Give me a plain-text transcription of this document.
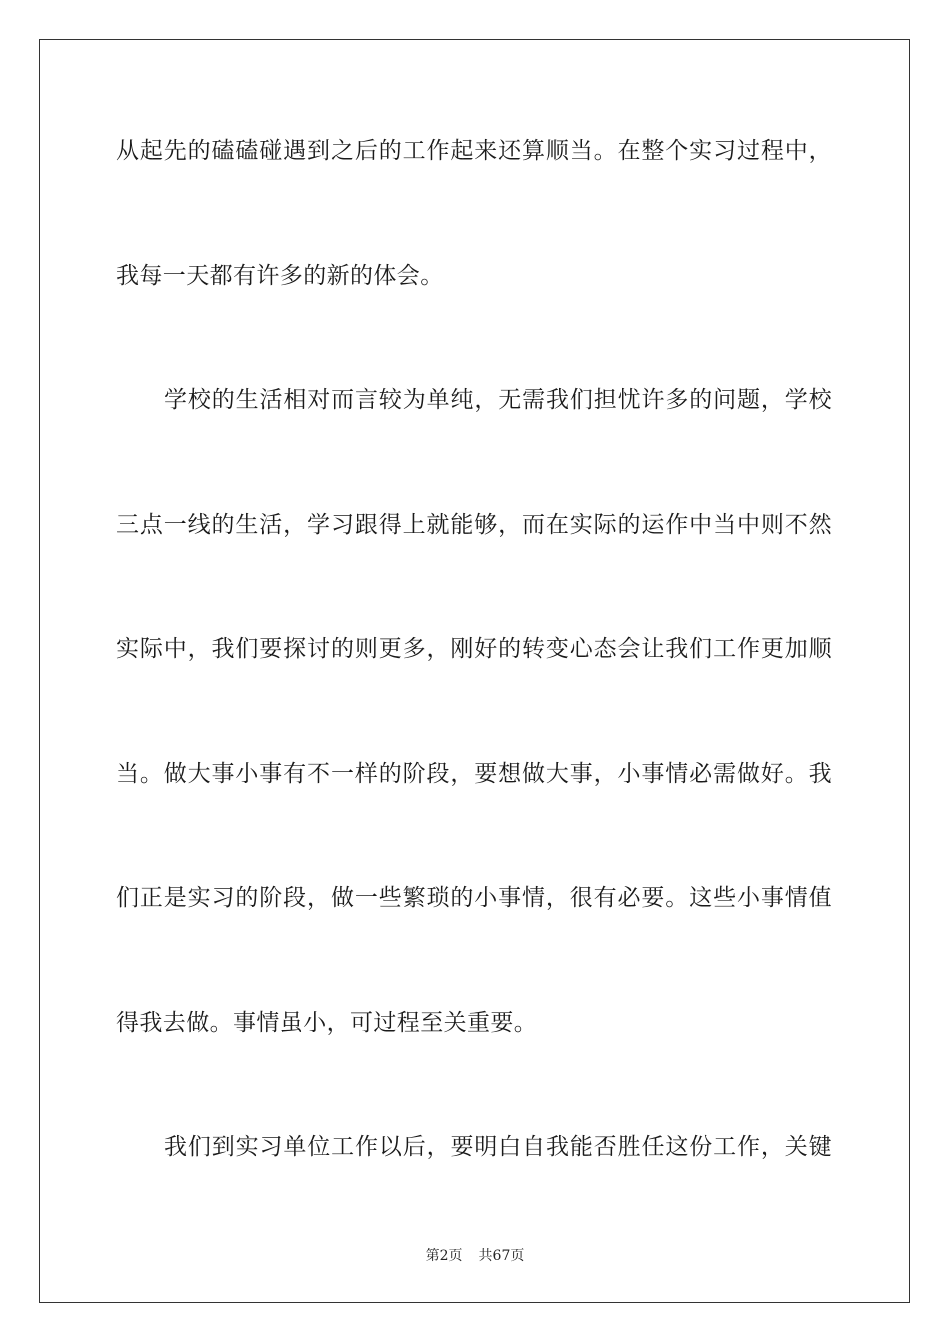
从起先的磕磕碰遇到之后的工作起来还算顺当。在整个实习过程中，
我每一天都有许多的新的体会。
学校的生活相对而言较为单纯，无需我们担忧许多的问题，学校
三点一线的生活，学习跟得上就能够，而在实际的运作中当中则不然
实际中，我们要探讨的则更多，刚好的转变心态会让我们工作更加顺
当。做大事小事有不一样的阶段，要想做大事，小事情必需做好。我
们正是实习的阶段，做一些繁琐的小事情，很有必要。这些小事情值
得我去做。事情虽小，可过程至关重要。
我们到实习单位工作以后，要明白自我能否胜任这份工作，关键
第2页 共67页
